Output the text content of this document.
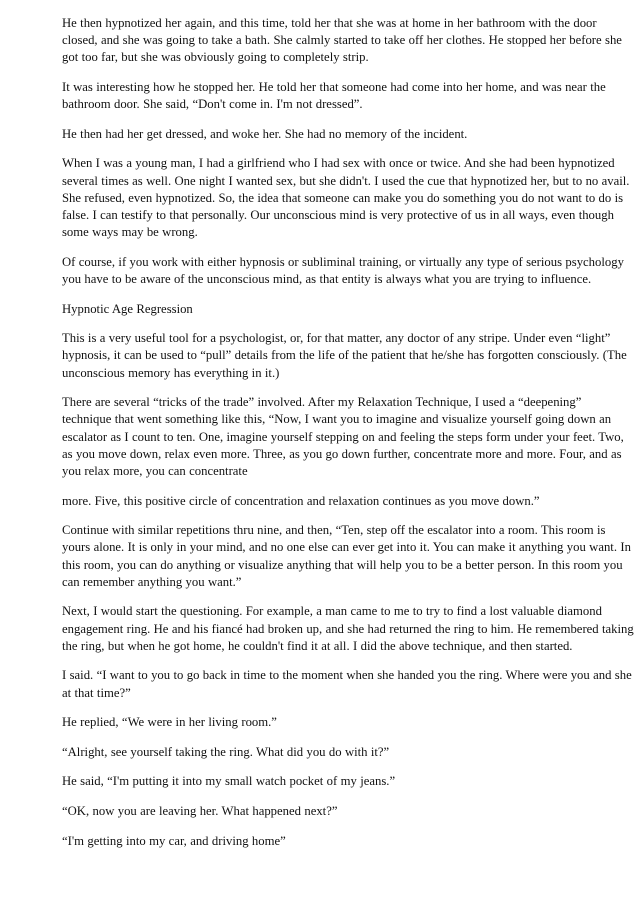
He then hypnotized her again, and this time, told her that she was at home in her bathroom with the door closed, and she was going to take a bath. She calmly started to take off her clothes. He stopped her before she got too far, but she was obviously going to completely strip.

It was interesting how he stopped her. He told her that someone had come into her home, and was near the bathroom door. She said, “Don't come in. I'm not dressed”.

He then had her get dressed, and woke her. She had no memory of the incident.

When I was a young man, I had a girlfriend who I had sex with once or twice. And she had been hypnotized several times as well. One night I wanted sex, but she didn't. I used the cue that hypnotized her, but to no avail. She refused, even hypnotized. So, the idea that someone can make you do something you do not want to do is false. I can testify to that personally. Our unconscious mind is very protective of us in all ways, even though some ways may be wrong.

Of course, if you work with either hypnosis or subliminal training, or virtually any type of serious psychology you have to be aware of the unconscious mind, as that entity is always what you are trying to influence.

Hypnotic Age Regression

This is a very useful tool for a psychologist, or, for that matter, any doctor of any stripe. Under even “light” hypnosis, it can be used to “pull” details from the life of the patient that he/she has forgotten consciously. (The unconscious memory has everything in it.)

There are several “tricks of the trade” involved. After my Relaxation Technique, I used a “deepening” technique that went something like this, “Now, I want you to imagine and visualize yourself going down an escalator as I count to ten. One, imagine yourself stepping on and feeling the steps form under your feet. Two, as you move down, relax even more. Three, as you go down further, concentrate more and more. Four, and as you relax more, you can concentrate

more. Five, this positive circle of concentration and relaxation continues as you move down.”

Continue with similar repetitions thru nine, and then, “Ten, step off the escalator into a room. This room is yours alone. It is only in your mind, and no one else can ever get into it. You can make it anything you want. In this room, you can do anything or visualize anything that will help you to be a better person. In this room you can remember anything you want.”

Next, I would start the questioning. For example, a man came to me to try to find a lost valuable diamond engagement ring. He and his fiancé had broken up, and she had returned the ring to him. He remembered taking the ring, but when he got home, he couldn't find it at all. I did the above technique, and then started.

I said. “I want to you to go back in time to the moment when she handed you the ring. Where were you and she at that time?”

He replied, “We were in her living room.”

“Alright, see yourself taking the ring. What did you do with it?”

He said, “I'm putting it into my small watch pocket of my jeans.”

“OK, now you are leaving her. What happened next?”

“I'm getting into my car, and driving home”
